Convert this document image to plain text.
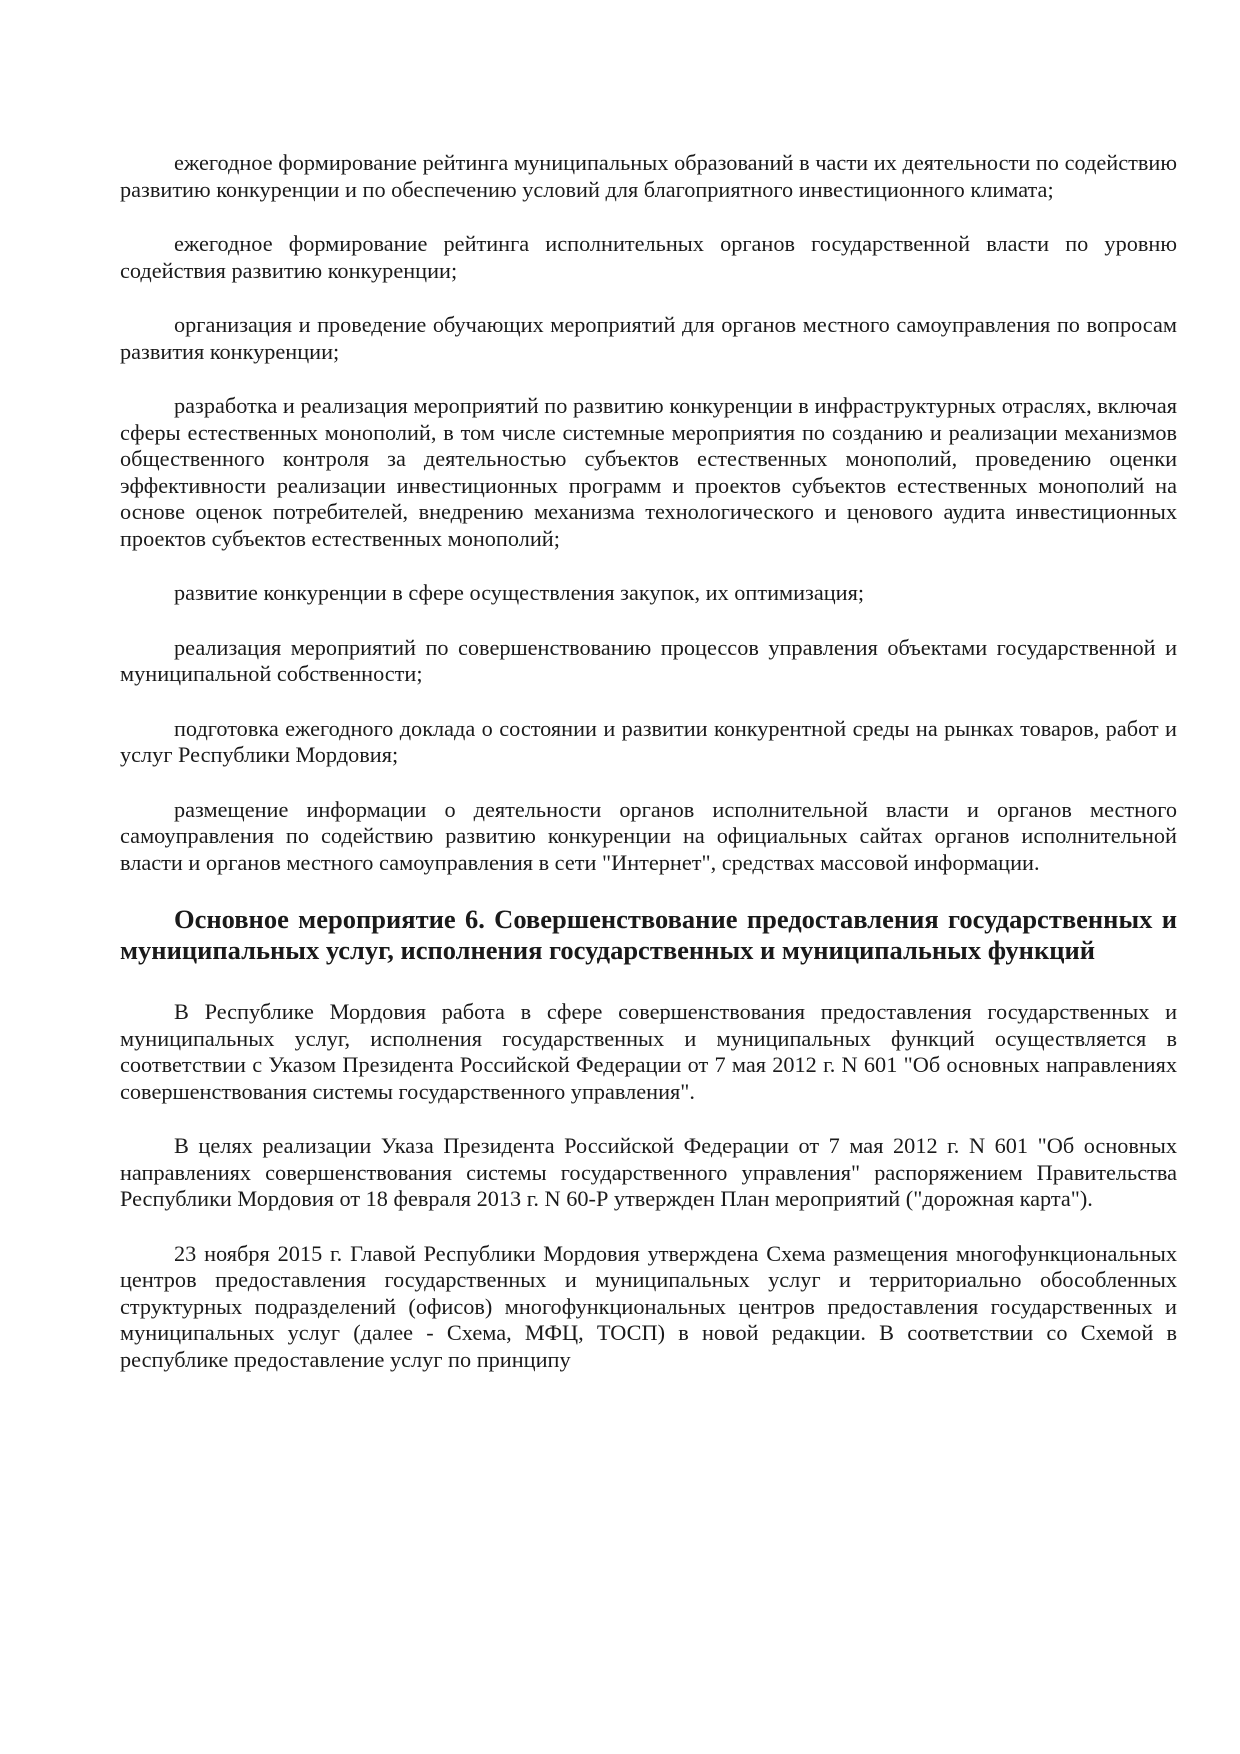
ежегодное формирование рейтинга муниципальных образований в части их деятельности по содействию развитию конкуренции и по обеспечению условий для благоприятного инвестиционного климата;

ежегодное формирование рейтинга исполнительных органов государственной власти по уровню содействия развитию конкуренции;

организация и проведение обучающих мероприятий для органов местного самоуправления по вопросам развития конкуренции;

разработка и реализация мероприятий по развитию конкуренции в инфраструктурных отраслях, включая сферы естественных монополий, в том числе системные мероприятия по созданию и реализации механизмов общественного контроля за деятельностью субъектов естественных монополий, проведению оценки эффективности реализации инвестиционных программ и проектов субъектов естественных монополий на основе оценок потребителей, внедрению механизма технологического и ценового аудита инвестиционных проектов субъектов естественных монополий;

развитие конкуренции в сфере осуществления закупок, их оптимизация;

реализация мероприятий по совершенствованию процессов управления объектами государственной и муниципальной собственности;

подготовка ежегодного доклада о состоянии и развитии конкурентной среды на рынках товаров, работ и услуг Республики Мордовия;

размещение информации о деятельности органов исполнительной власти и органов местного самоуправления по содействию развитию конкуренции на официальных сайтах органов исполнительной власти и органов местного самоуправления в сети "Интернет", средствах массовой информации.

Основное мероприятие 6. Совершенствование предоставления государственных и муниципальных услуг, исполнения государственных и муниципальных функций

В Республике Мордовия работа в сфере совершенствования предоставления государственных и муниципальных услуг, исполнения государственных и муниципальных функций осуществляется в соответствии с Указом Президента Российской Федерации от 7 мая 2012 г. N 601 "Об основных направлениях совершенствования системы государственного управления".

В целях реализации Указа Президента Российской Федерации от 7 мая 2012 г. N 601 "Об основных направлениях совершенствования системы государственного управления" распоряжением Правительства Республики Мордовия от 18 февраля 2013 г. N 60-Р утвержден План мероприятий ("дорожная карта").

23 ноября 2015 г. Главой Республики Мордовия утверждена Схема размещения многофункциональных центров предоставления государственных и муниципальных услуг и территориально обособленных структурных подразделений (офисов) многофункциональных центров предоставления государственных и муниципальных услуг (далее - Схема, МФЦ, ТОСП) в новой редакции. В соответствии со Схемой в республике предоставление услуг по принципу
